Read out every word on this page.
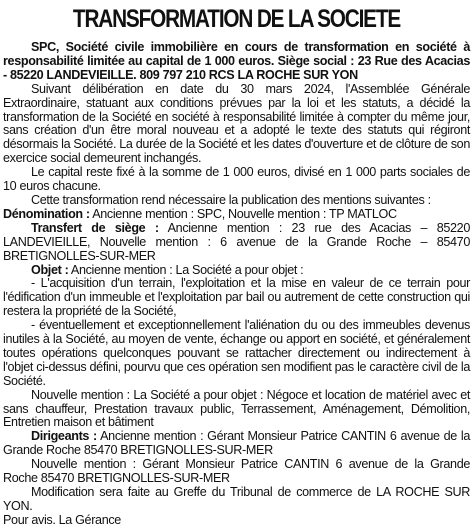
TRANSFORMATION DE LA SOCIETE

SPC, Société civile immobilière en cours de transformation en société à responsabilité limitée au capital de 1 000 euros. Siège social : 23 Rue des Acacias - 85220 LANDEVIEILLE. 809 797 210 RCS LA ROCHE SUR YON

Suivant délibération en date du 30 mars 2024, l'Assemblée Générale Extraordinaire, statuant aux conditions prévues par la loi et les statuts, a décidé la transformation de la Société en société à responsabilité limitée à compter du même jour, sans création d'un être moral nouveau et a adopté le texte des statuts qui régiront désormais la Société. La durée de la Société et les dates d'ouverture et de clôture de son exercice social demeurent inchangés.

Le capital reste fixé à la somme de 1 000 euros, divisé en 1 000 parts sociales de 10 euros chacune.

Cette transformation rend nécessaire la publication des mentions suivantes :

Dénomination : Ancienne mention : SPC, Nouvelle mention : TP MATLOC

Transfert de siège : Ancienne mention : 23 rue des Acacias – 85220 LANDEVIEILLE, Nouvelle mention : 6 avenue de la Grande Roche – 85470 BRETIGNOLLES-SUR-MER

Objet : Ancienne mention : La Société a pour objet :

- L'acquisition d'un terrain, l'exploitation et la mise en valeur de ce terrain pour l'édification d'un immeuble et l'exploitation par bail ou autrement de cette construction qui restera la propriété de la Société,

- éventuellement et exceptionnellement l'aliénation du ou des immeubles devenus inutiles à la Société, au moyen de vente, échange ou apport en société, et généralement toutes opérations quelconques pouvant se rattacher directement ou indirectement à l'objet ci-dessus défini, pourvu que ces opération sen modifient pas le caractère civil de la Société.

Nouvelle mention : La Société a pour objet : Négoce et location de matériel avec et sans chauffeur, Prestation travaux public, Terrassement, Aménagement, Démolition, Entretien maison et bâtiment

Dirigeants : Ancienne mention : Gérant Monsieur Patrice CANTIN 6 avenue de la Grande Roche 85470 BRETIGNOLLES-SUR-MER

Nouvelle mention : Gérant Monsieur Patrice CANTIN 6 avenue de la Grande Roche 85470 BRETIGNOLLES-SUR-MER

Modification sera faite au Greffe du Tribunal de commerce de LA ROCHE SUR YON.

Pour avis. La Gérance
